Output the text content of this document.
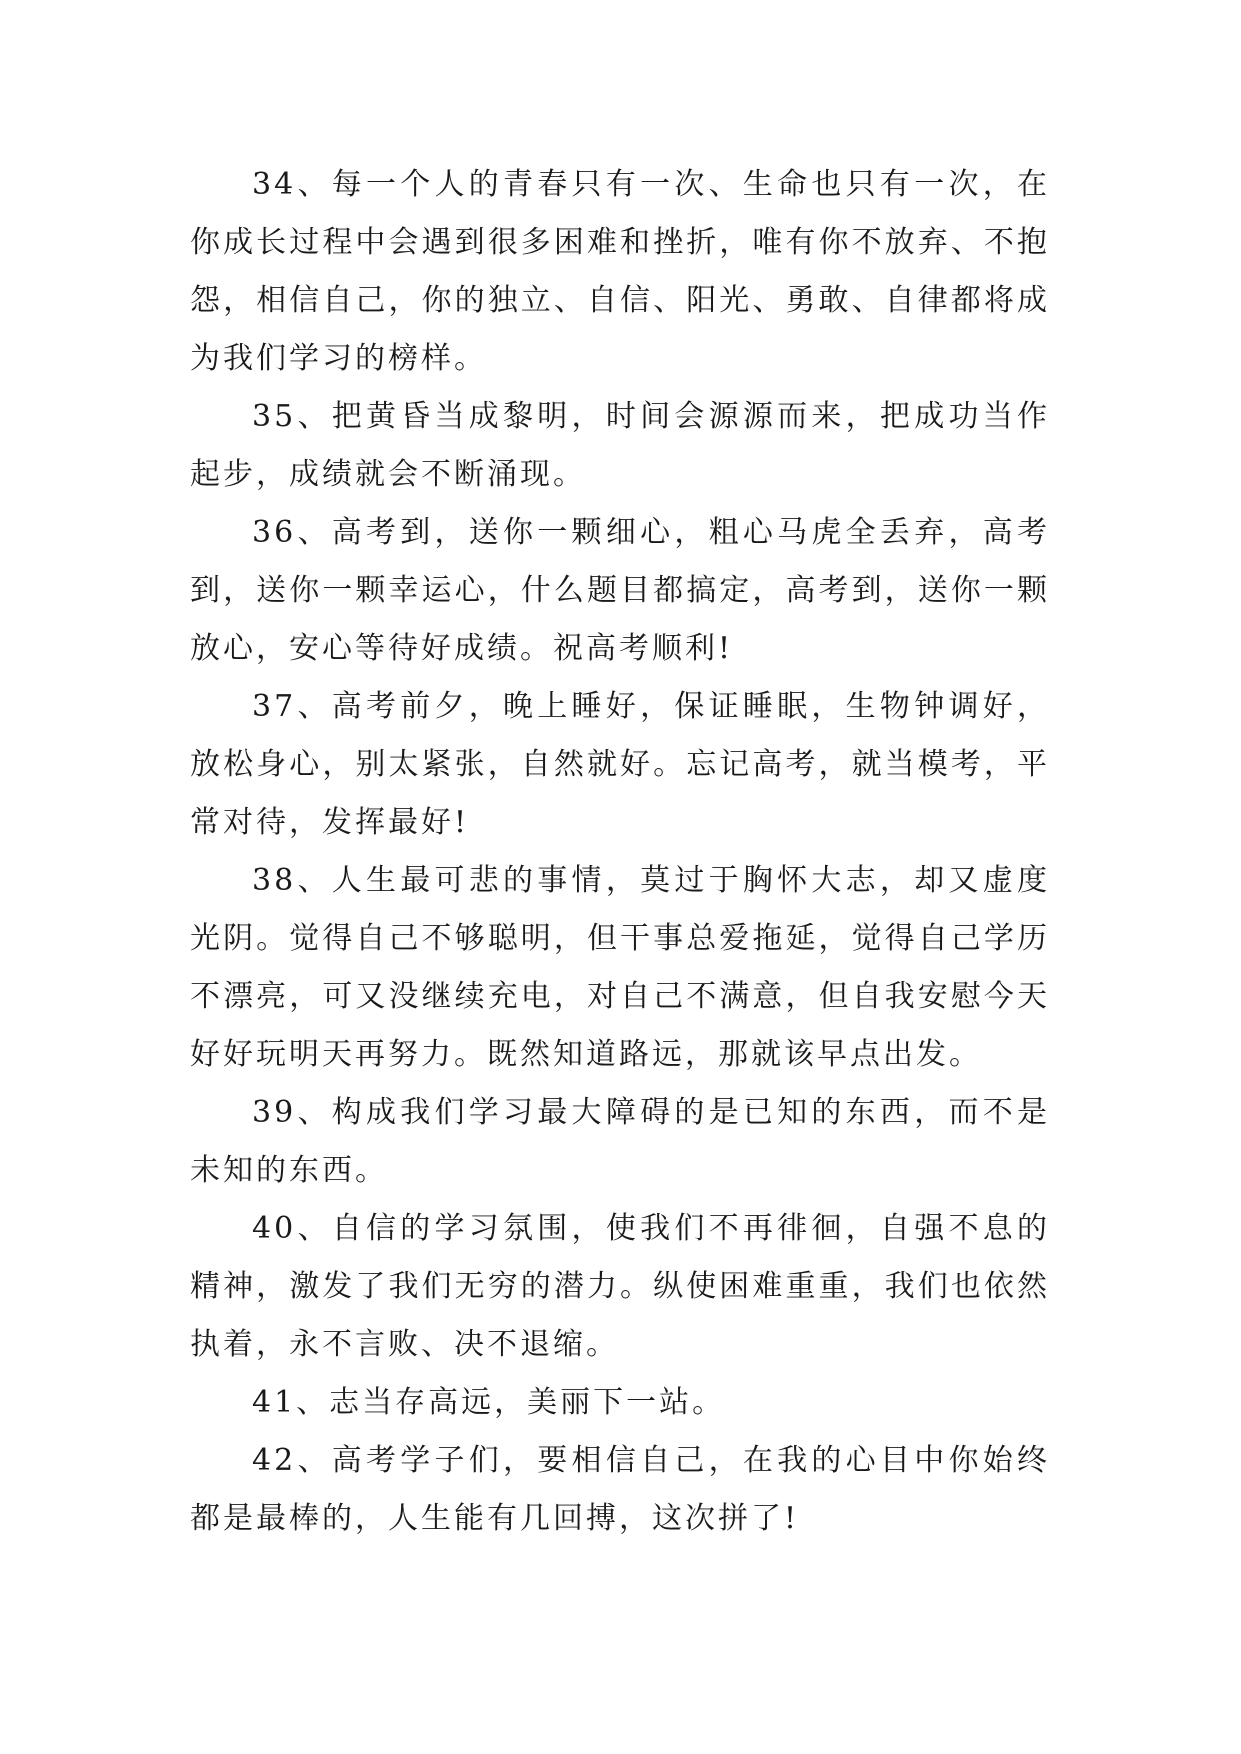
34、每一个人的青春只有一次、生命也只有一次，在你成长过程中会遇到很多困难和挫折，唯有你不放弃、不抱怨，相信自己，你的独立、自信、阳光、勇敢、自律都将成为我们学习的榜样。

35、把黄昏当成黎明，时间会源源而来，把成功当作起步，成绩就会不断涌现。

36、高考到，送你一颗细心，粗心马虎全丢弃，高考到，送你一颗幸运心，什么题目都搞定，高考到，送你一颗放心，安心等待好成绩。祝高考顺利!

37、高考前夕，晚上睡好，保证睡眠，生物钟调好，放松身心，别太紧张，自然就好。忘记高考，就当模考，平常对待，发挥最好!

38、人生最可悲的事情，莫过于胸怀大志，却又虚度光阴。觉得自己不够聪明，但干事总爱拖延，觉得自己学历不漂亮，可又没继续充电，对自己不满意，但自我安慰今天好好玩明天再努力。既然知道路远，那就该早点出发。

39、构成我们学习最大障碍的是已知的东西，而不是未知的东西。

40、自信的学习氛围，使我们不再徘徊，自强不息的精神，激发了我们无穷的潜力。纵使困难重重，我们也依然执着，永不言败、决不退缩。

41、志当存高远，美丽下一站。

42、高考学子们，要相信自己，在我的心目中你始终都是最棒的，人生能有几回搏，这次拼了!
